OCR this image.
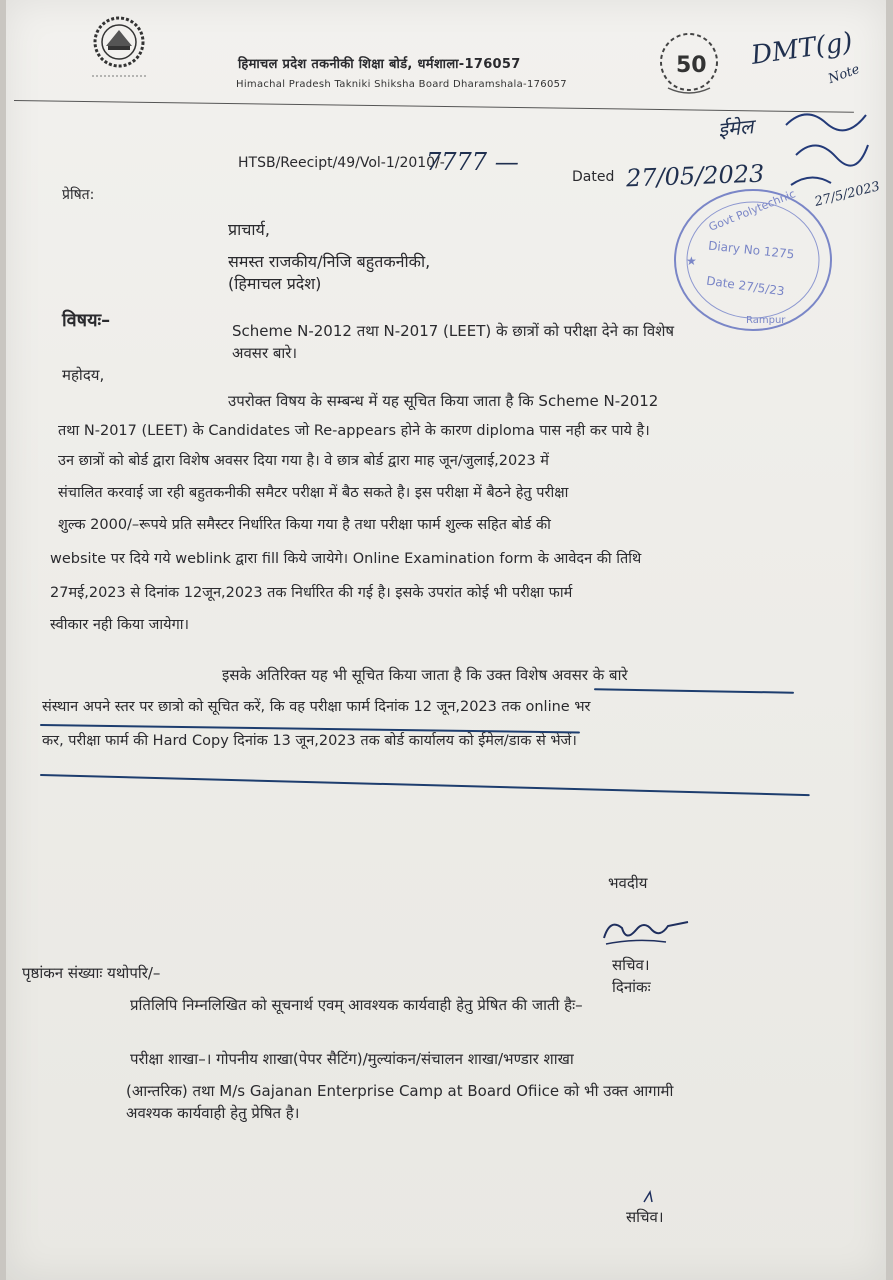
हिमाचल प्रदेश तकनीकी शिक्षा बोर्ड, धर्मशाला-176057
Himachal Pradesh Takniki Shiksha Board Dharamshala-176057
50 DMT(g)
Note
ईमेल
27/5/2023
HTSB/Reecipt/49/Vol-1/2010/-
7777 —
Dated 27/05/2023
★
Govt Polytechnic
Diary No 1275
Date 27/5/23
Rampur
प्रेषित:
प्राचार्य,
समस्त राजकीय/निजि बहुतकनीकी,
(हिमाचल प्रदेश)
विषयः–	Scheme N-2012 तथा N-2017 (LEET) के छात्रों को परीक्षा देने का विशेष
अवसर बारे।
महोदय,
उपरोक्त विषय के सम्बन्ध में यह सूचित किया जाता है कि Scheme N-2012
तथा N-2017 (LEET) के Candidates जो Re-appears होने के कारण diploma पास नही कर पाये है।
उन छात्रों को बोर्ड द्वारा विशेष अवसर दिया गया है। वे छात्र बोर्ड द्वारा माह जून/जुलाई,2023 में
संचालित करवाई जा रही बहुतकनीकी समैटर परीक्षा में बैठ सकते है। इस परीक्षा में बैठने हेतु परीक्षा
शुल्क 2000/–रूपये प्रति समैस्टर निर्धारित किया गया है तथा परीक्षा फार्म शुल्क सहित बोर्ड की
website पर दिये गये weblink द्वारा fill किये जायेगे। Online Examination form के आवेदन की तिथि
27मई,2023 से दिनांक 12जून,2023 तक निर्धारित की गई है। इसके उपरांत कोई भी परीक्षा फार्म
स्वीकार नही किया जायेगा।
इसके अतिरिक्त यह भी सूचित किया जाता है कि उक्त विशेष अवसर के बारे
संस्थान अपने स्तर पर छात्रो को सूचित करें, कि वह परीक्षा फार्म दिनांक 12 जून,2023 तक online भर
कर, परीक्षा फार्म की Hard Copy दिनांक 13 जून,2023 तक बोर्ड कार्यालय को ईमेल/डाक से भेजें।
भवदीय
सचिव।
दिनांकः
पृष्ठांकन संख्याः यथोपरि/–
प्रतिलिपि निम्नलिखित को सूचनार्थ एवम् आवश्यक कार्यवाही हेतु प्रेषित की जाती हैः–
परीक्षा शाखा–। गोपनीय शाखा(पेपर सैटिंग)/मुल्यांकन/संचालन शाखा/भण्डार शाखा
(आन्तरिक) तथा M/s Gajanan Enterprise Camp at Board Ofiice को भी उक्त आगामी
अवश्यक कार्यवाही हेतु प्रेषित है।
सचिव।
